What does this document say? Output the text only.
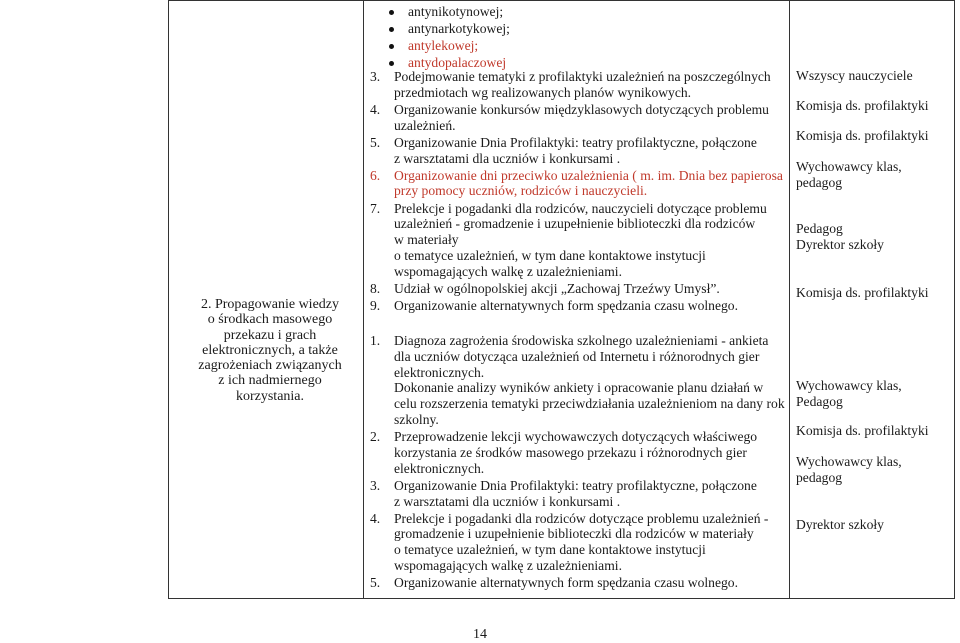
2. Propagowanie wiedzy
o środkach masowego
przekazu i grach
elektronicznych, a także
zagrożeniach związanych
z ich nadmiernego
korzystania.

antynikotynowej;
antynarkotykowej;
antylekowej;
antydopalaczowej
3. Podejmowanie tematyki z profilaktyki uzależnień na poszczególnych
przedmiotach wg realizowanych planów wynikowych.
4. Organizowanie konkursów międzyklasowych dotyczących problemu
uzależnień.
5. Organizowanie Dnia Profilaktyki: teatry profilaktyczne, połączone
z warsztatami dla uczniów i konkursami .
6. Organizowanie dni przeciwko uzależnienia ( m. im. Dnia bez papierosa
przy pomocy uczniów, rodziców i nauczycieli.
7. Prelekcje i pogadanki dla rodziców, nauczycieli dotyczące problemu
uzależnień - gromadzenie i uzupełnienie biblioteczki dla rodziców
w materiały
o tematyce uzależnień, w tym dane kontaktowe instytucji
wspomagających walkę z uzależnieniami.
8. Udział w ogólnopolskiej akcji „Zachowaj Trzeźwy Umysł”.
9. Organizowanie alternatywnych form spędzania czasu wolnego.
1. Diagnoza zagrożenia środowiska szkolnego uzależnieniami - ankieta
dla uczniów dotycząca uzależnień od Internetu i różnorodnych gier
elektronicznych.
Dokonanie analizy wyników ankiety i opracowanie planu działań w
celu rozszerzenia tematyki przeciwdziałania uzależnieniom na dany rok
szkolny.
2. Przeprowadzenie lekcji wychowawczych dotyczących właściwego
korzystania ze środków masowego przekazu i różnorodnych gier
elektronicznych.
3. Organizowanie Dnia Profilaktyki: teatry profilaktyczne, połączone
z warsztatami dla uczniów i konkursami .
4. Prelekcje i pogadanki dla rodziców dotyczące problemu uzależnień -
gromadzenie i uzupełnienie biblioteczki dla rodziców w materiały
o tematyce uzależnień, w tym dane kontaktowe instytucji
wspomagających walkę z uzależnieniami.
5. Organizowanie alternatywnych form spędzania czasu wolnego.

Wszyscy nauczyciele
Komisja ds. profilaktyki
Komisja ds. profilaktyki
Wychowawcy klas,
pedagog
Pedagog
Dyrektor szkoły
Komisja ds. profilaktyki
Wychowawcy klas,
Pedagog
Komisja ds. profilaktyki
Wychowawcy klas,
pedagog
Dyrektor szkoły
14
